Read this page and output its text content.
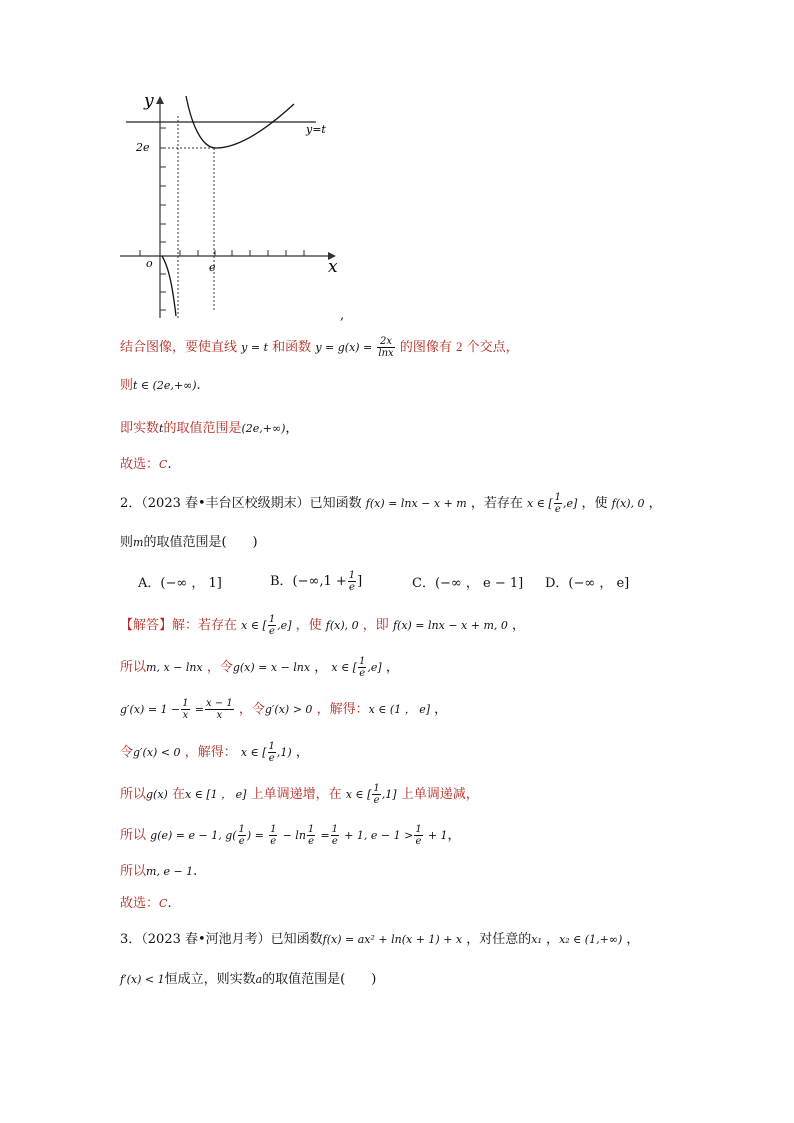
y
x
o
y=t
2e
e
,
结合图像，要使直线 y = t 和函数 $y = g(x) = \frac{2x}{\ln x}$ 的图像有 2 个交点，
则t ∈ (2e,+∞).
即实数t的取值范围是(2e,+∞)，
故选：C.
2．（2023 春•丰台区校级期末）已知函数 f(x) = lnx − x + m ，若存在 x ∈ [ $\frac{1}{e} ,e$] ，使 f(x), 0 ，
则m的取值范围是(　　)
A．(−∞ ， 1]	B．($-\infty,1 + \frac{1}{e}$ ]	C．(−∞ ， e − 1]	D．(−∞ ， e]
【解答】解：若存在 x ∈ [ $\frac{1}{e} ,e$] ，使 f(x), 0 ，即 f(x) = lnx − x + m, 0 ，
所以m, x − lnx ，令g(x) = x − lnx ， x ∈ [ $\frac{1}{e} ,e$] ，
$g'(x) = 1 - \frac{1}{x} = \frac{x - 1}{x}$ ，令g′(x) > 0 ，解得：x ∈ (1 ， e] ，
令g′(x) < 0 ，解得： x ∈ [ $\frac{1}{e} ,1$) ，
所以g(x) 在x ∈ [1 ， e] 上单调递增，在 x ∈ [ $\frac{1}{e} ,1$] 上单调递减，
所以 g(e) = e − 1, $g( \frac{1}{e}$ ) = $\frac{1}{e} - \ln \frac{1}{e} = \frac{1}{e} + 1$, $e - 1 > \frac{1}{e} + 1$，
所以m, e − 1.
故选：C.
3．（2023 春•河池月考）已知函数f(x) = ax² + ln(x + 1) + x ，对任意的x₁ ，x₂ ∈ (1,+∞) ，
f′(x) < 1恒成立，则实数a的取值范围是(　　)
